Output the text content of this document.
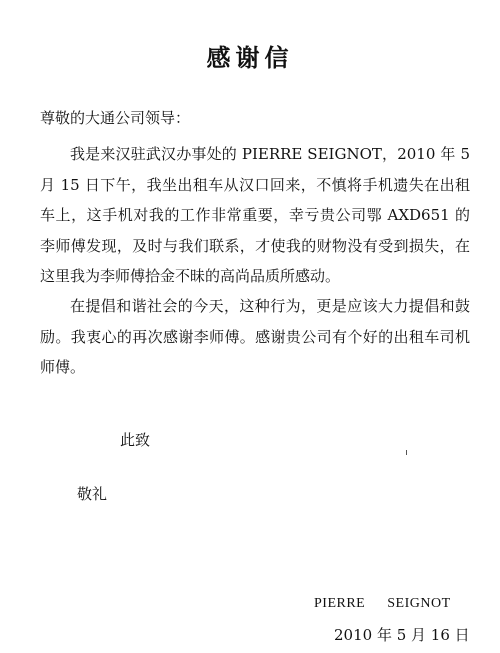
感谢信
尊敬的大通公司领导：

我是来汉驻武汉办事处的 PIERRE SEIGNOT，2010 年 5 月 15 日下午，我坐出租车从汉口回来，不慎将手机遗失在出租车上，这手机对我的工作非常重要，幸亏贵公司鄂 AXD651 的李师傅发现，及时与我们联系，才使我的财物没有受到损失，在这里我为李师傅拾金不昧的高尚品质所感动。

在提倡和谐社会的今天，这种行为，更是应该大力提倡和鼓励。我衷心的再次感谢李师傅。感谢贵公司有个好的出租车司机师傅。

此致
敬礼
PIERRE SEIGNOT
2010 年 5 月 16 日
